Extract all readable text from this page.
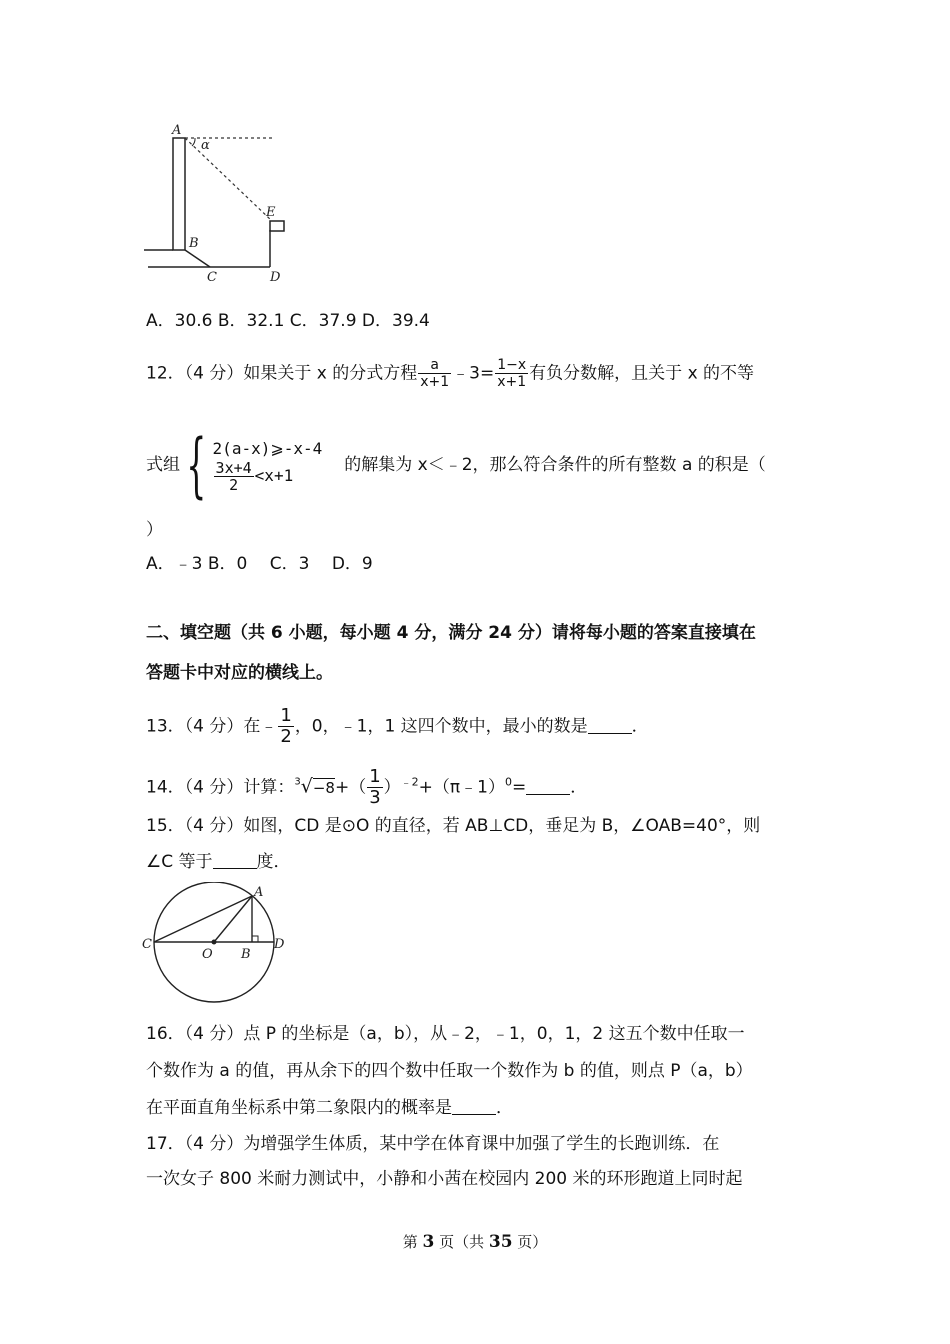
A
α
E
B
C	D
A．30.6 B．32.1 C．37.9 D．39.4
12．（4 分）如果关于 x 的分式方程 $\frac{a}{x+1}$ ﹣3= $\frac{1-x}{x+1}$ 有负分数解，且关于 x 的不等
式组{ 2(a-x)⩾-x-4
$\frac{3x+4}{2} <x+1$	的解集为 x＜﹣2，那么符合条件的所有整数 a 的积是（
）
A．﹣3 B．0　 C．3　 D．9
二、填空题（共 6 小题，每小题 4 分，满分 24 分）请将每小题的答案直接填在
答题卡中对应的横线上。
13．（4 分）在﹣ $\frac{1}{2}$ ，0，﹣1，1 这四个数中，最小的数是	．
14．（4 分）计算：$^3√-8+( \frac{1}{3}$ ）$^{﹣2}+(\pi﹣1)^0=$	．
15．（4 分）如图，CD 是⊙O 的直径，若 AB⊥CD，垂足为 B，∠OAB=40°，则
∠C 等于	度．
A
C
O B
D
16．（4 分）点 P 的坐标是（a，b），从﹣2，﹣1，0，1，2 这五个数中任取一
个数作为 a 的值，再从余下的四个数中任取一个数作为 b 的值，则点 P（a，b）
在平面直角坐标系中第二象限内的概率是	．
17．（4 分）为增强学生体质，某中学在体育课中加强了学生的长跑训练．在
一次女子 800 米耐力测试中，小静和小茜在校园内 200 米的环形跑道上同时起
第 3 页（共 35 页）
